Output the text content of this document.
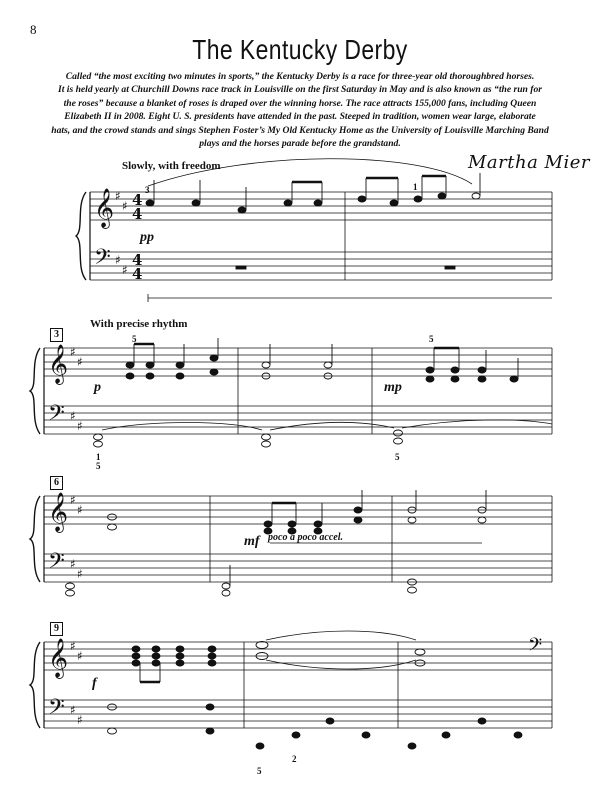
8
The Kentucky Derby
Called “the most exciting two minutes in sports,” the Kentucky Derby is a race for three-year old thoroughbred horses.
It is held yearly at Churchill Downs race track in Louisville on the first Saturday in May and is also known as “the run for
the roses” because a blanket of roses is draped over the winning horse. The race attracts 155,000 fans, including Queen
Elizabeth II in 2008. Eight U. S. presidents have attended in the past. Steeped in tradition, women wear large, elaborate
hats, and the crowd stands and sings Stephen Foster’s My Old Kentucky Home as the University of Louisville Marching Band
plays and the horses parade before the grandstand.
Martha Mier
Slowly, with freedom
With precise rhythm
𝄞
𝄢
♯
♯
♯
♯
4
4
4
4
𝄞
𝄢
♯
♯
♯
♯
𝄞
𝄢
♯
♯
♯
♯
𝄞
𝄢
♯
♯
♯
♯
𝄢
3
6
9
pp
p	mp
mf
f
poco a poco accel.
3	1
5	5
1
5
5
2
5
